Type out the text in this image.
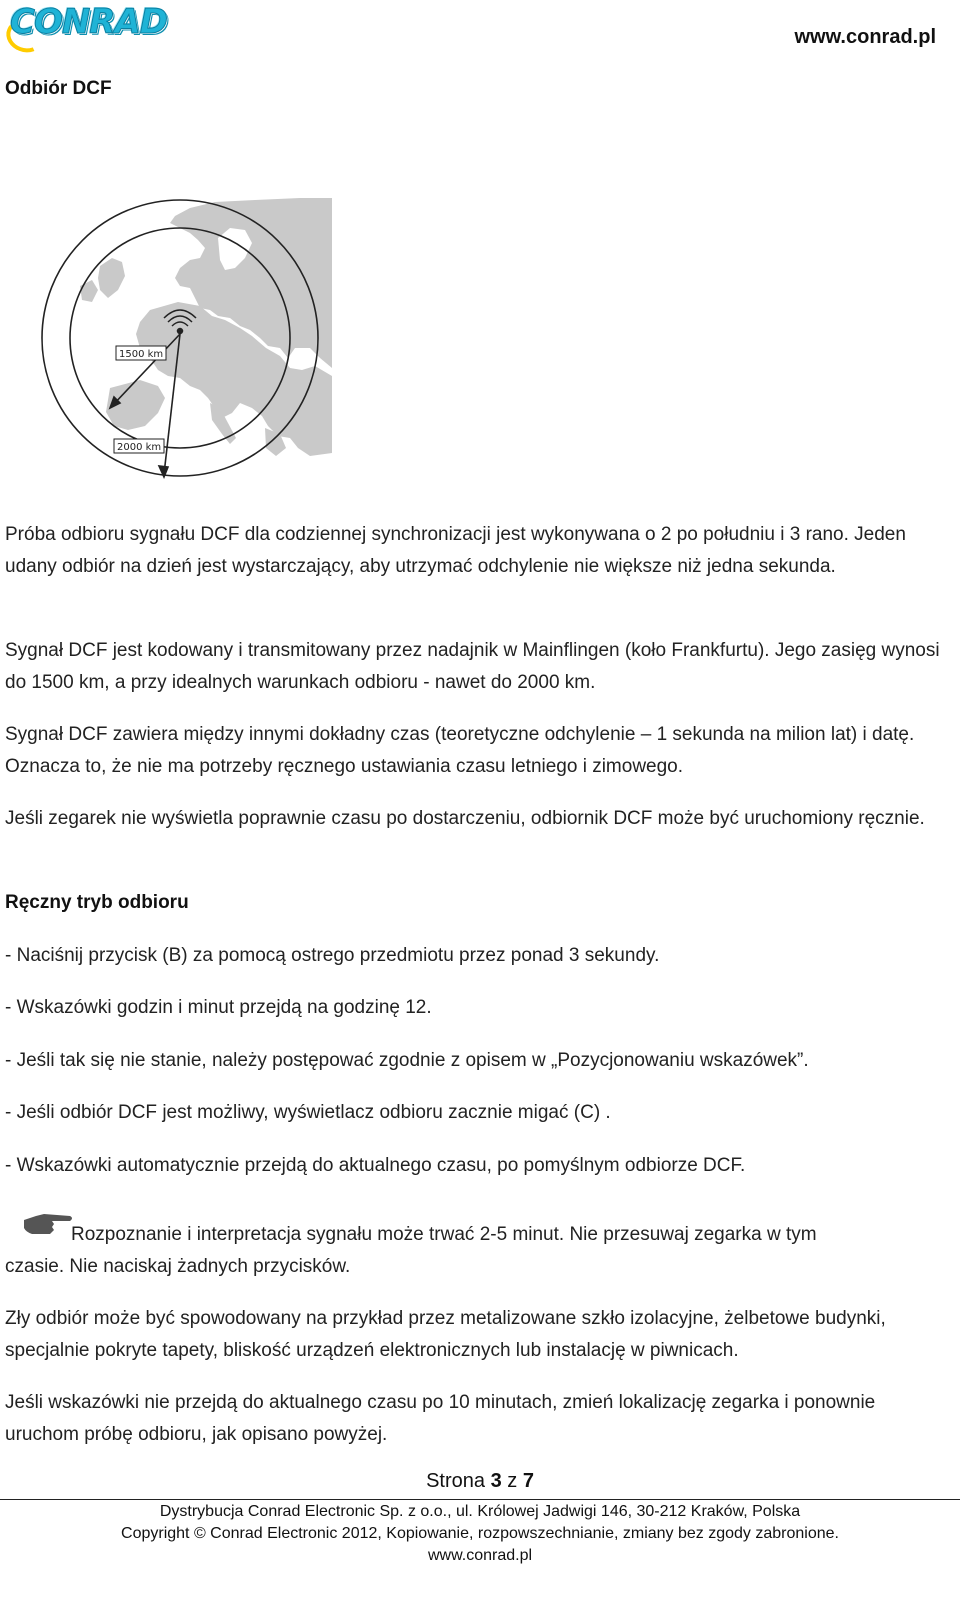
CONRAD	www.conrad.pl
Odbiór DCF
1500 km
2000 km
Próba odbioru sygnału DCF dla codziennej synchronizacji jest wykonywana o 2 po południu i 3 rano. Jeden udany odbiór na dzień jest wystarczający, aby utrzymać odchylenie nie większe niż jedna sekunda.
Sygnał DCF jest kodowany i transmitowany przez nadajnik w Mainflingen (koło Frankfurtu). Jego zasięg wynosi do 1500 km, a przy idealnych warunkach odbioru - nawet do 2000 km.
Sygnał DCF zawiera między innymi dokładny czas (teoretyczne odchylenie – 1 sekunda na milion lat) i datę. Oznacza to, że nie ma potrzeby ręcznego ustawiania czasu letniego i zimowego.
Jeśli zegarek nie wyświetla poprawnie czasu po dostarczeniu, odbiornik DCF może być uruchomiony ręcznie.
Ręczny tryb odbioru
- Naciśnij przycisk (B) za pomocą ostrego przedmiotu przez ponad 3 sekundy.
- Wskazówki godzin i minut przejdą na godzinę 12.
- Jeśli tak się nie stanie, należy postępować zgodnie z opisem w „Pozycjonowaniu wskazówek”.
- Jeśli odbiór DCF jest możliwy, wyświetlacz odbioru zacznie migać (C) .
- Wskazówki automatycznie przejdą do aktualnego czasu, po pomyślnym odbiorze DCF.
Rozpoznanie i interpretacja sygnału może trwać 2-5 minut. Nie przesuwaj zegarka w tym
czasie. Nie naciskaj żadnych przycisków.
Zły odbiór może być spowodowany na przykład przez metalizowane szkło izolacyjne, żelbetowe budynki, specjalnie pokryte tapety, bliskość urządzeń elektronicznych lub instalację w piwnicach.
Jeśli wskazówki nie przejdą do aktualnego czasu po 10 minutach, zmień lokalizację zegarka i ponownie uruchom próbę odbioru, jak opisano powyżej.
Strona 3 z 7
Dystrybucja Conrad Electronic Sp. z o.o., ul. Królowej Jadwigi 146, 30-212 Kraków, Polska
Copyright © Conrad Electronic 2012, Kopiowanie, rozpowszechnianie, zmiany bez zgody zabronione.
www.conrad.pl
